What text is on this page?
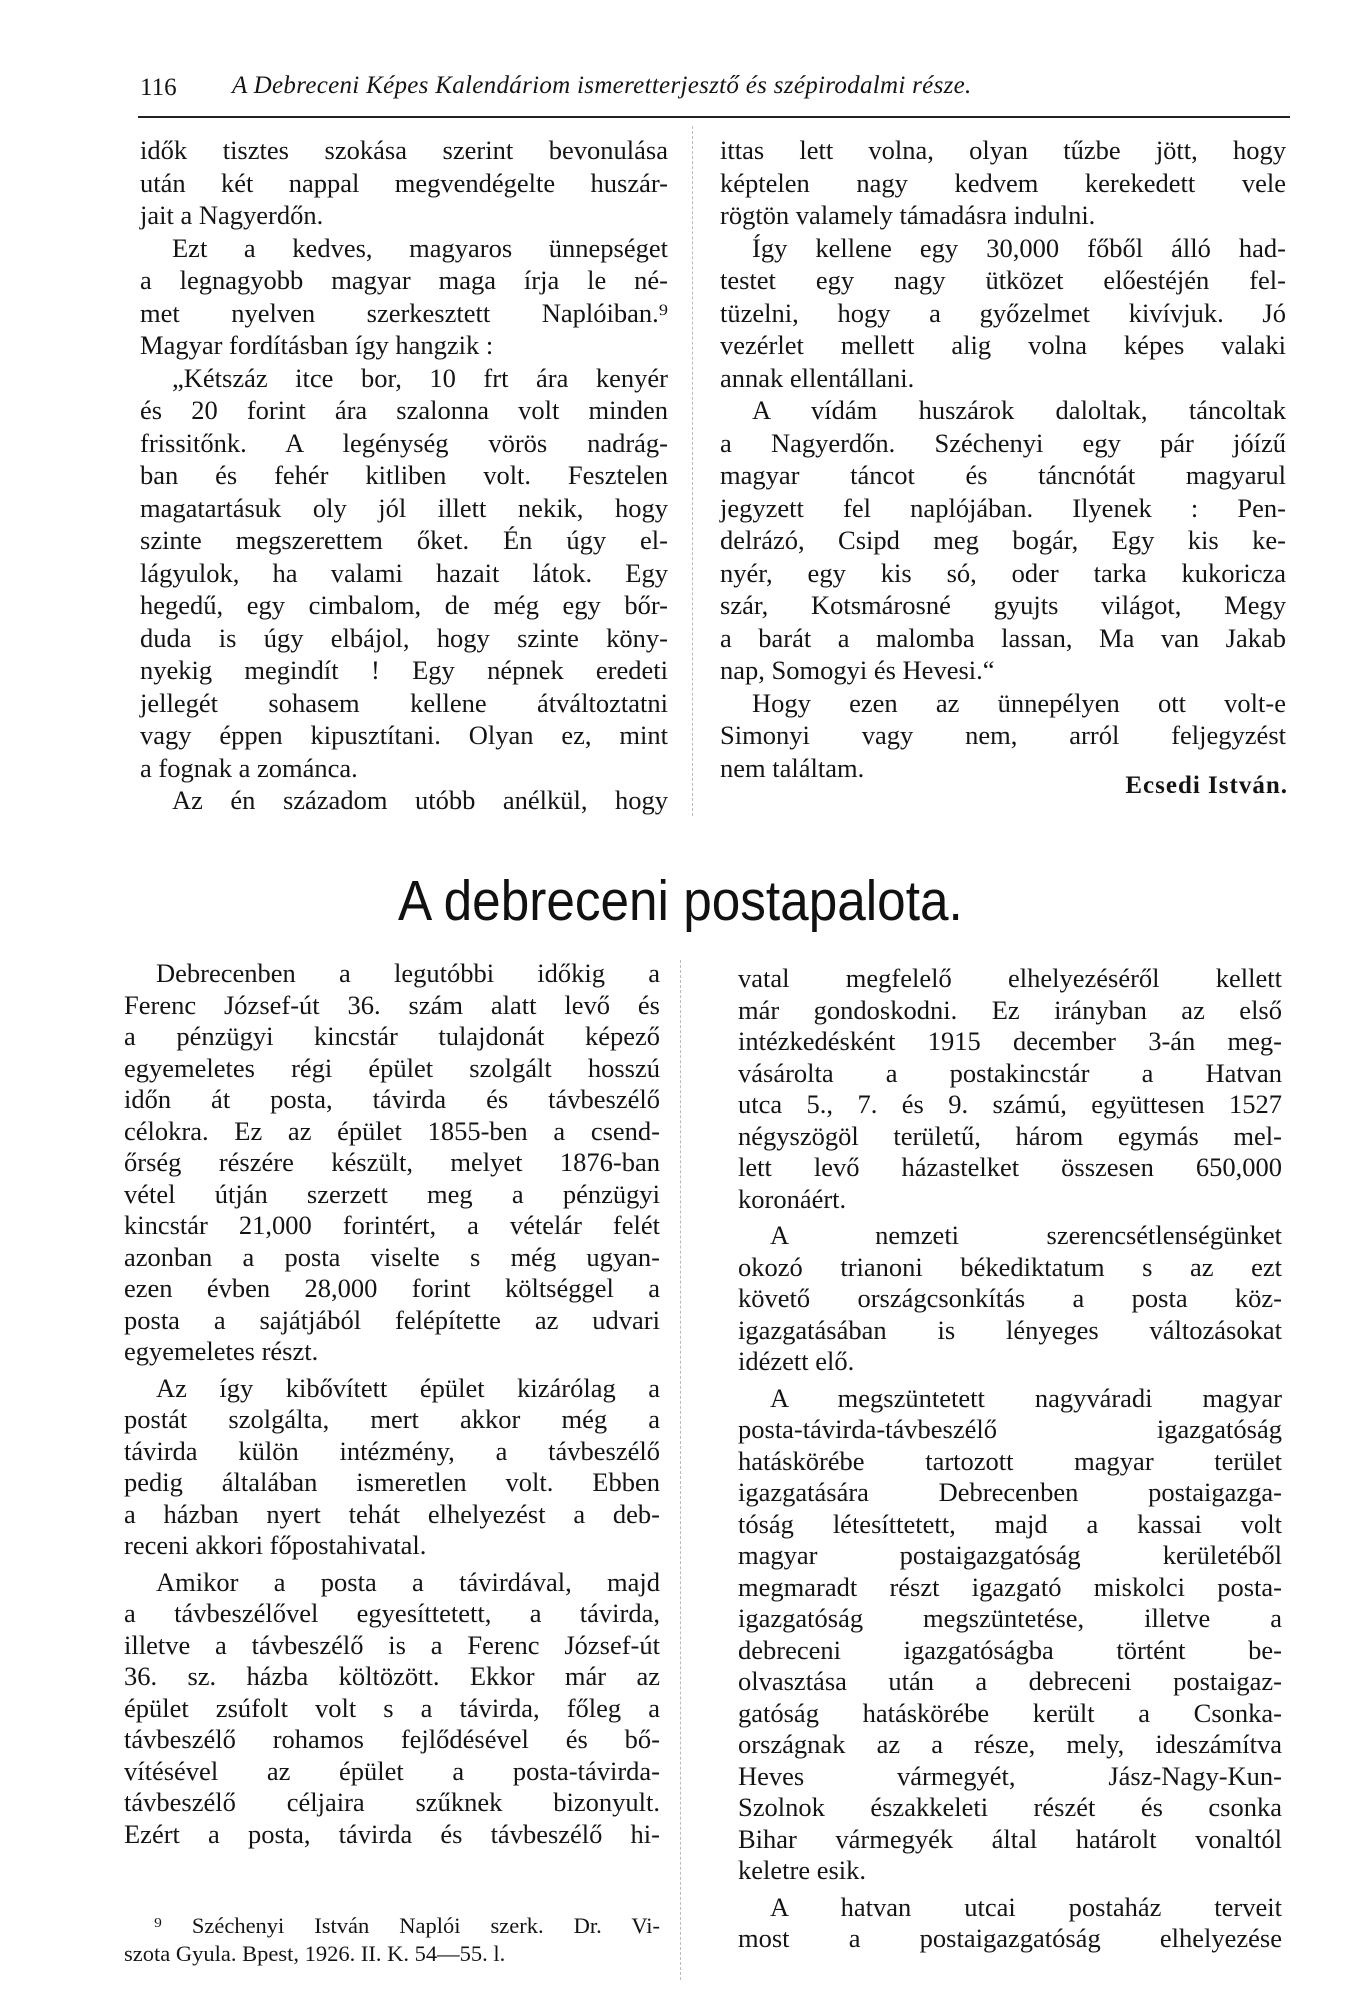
116 A Debreceni Képes Kalendáriom ismeretterjesztő és szépirodalmi része.
idők tisztes szokása szerint bevonulása
után két nappal megvendégelte huszár-
jait a Nagyerdőn.
Ezt a kedves, magyaros ünnepséget
a legnagyobb magyar maga írja le né-
met nyelven szerkesztett Naplóiban.⁹
Magyar fordításban így hangzik :
„Kétszáz itce bor, 10 frt ára kenyér
és 20 forint ára szalonna volt minden
frissitőnk. A legénység vörös nadrág-
ban és fehér kitliben volt. Fesztelen
magatartásuk oly jól illett nekik, hogy
szinte megszerettem őket. Én úgy el-
lágyulok, ha valami hazait látok. Egy
hegedű, egy cimbalom, de még egy bőr-
duda is úgy elbájol, hogy szinte köny-
nyekig megindít ! Egy népnek eredeti
jellegét sohasem kellene átváltoztatni
vagy éppen kipusztítani. Olyan ez, mint
a fognak a zománca.
Az én századom utóbb anélkül, hogy
ittas lett volna, olyan tűzbe jött, hogy
képtelen nagy kedvem kerekedett vele
rögtön valamely támadásra indulni.
Így kellene egy 30,000 főből álló had-
testet egy nagy ütközet előestéjén fel-
tüzelni, hogy a győzelmet kivívjuk. Jó
vezérlet mellett alig volna képes valaki
annak ellentállani.
A vídám huszárok daloltak, táncoltak
a Nagyerdőn. Széchenyi egy pár jóízű
magyar táncot és táncnótát magyarul
jegyzett fel naplójában. Ilyenek : Pen-
delrázó, Csipd meg bogár, Egy kis ke-
nyér, egy kis só, oder tarka kukoricza
szár, Kotsmárosné gyujts világot, Megy
a barát a malomba lassan, Ma van Jakab
nap, Somogyi és Hevesi.“
Hogy ezen az ünnepélyen ott volt-e
Simonyi vagy nem, arról feljegyzést
nem találtam.
Ecsedi István.
A debreceni postapalota.
Debrecenben a legutóbbi időkig a
Ferenc József-út 36. szám alatt levő és
a pénzügyi kincstár tulajdonát képező
egyemeletes régi épület szolgált hosszú
időn át posta, távirda és távbeszélő
célokra. Ez az épület 1855-ben a csend-
őrség részére készült, melyet 1876-ban
vétel útján szerzett meg a pénzügyi
kincstár 21,000 forintért, a vételár felét
azonban a posta viselte s még ugyan-
ezen évben 28,000 forint költséggel a
posta a sajátjából felépítette az udvari
egyemeletes részt.
Az így kibővített épület kizárólag a
postát szolgálta, mert akkor még a
távirda külön intézmény, a távbeszélő
pedig általában ismeretlen volt. Ebben
a házban nyert tehát elhelyezést a deb-
receni akkori főpostahivatal.
Amikor a posta a távirdával, majd
a távbeszélővel egyesíttetett, a távirda,
illetve a távbeszélő is a Ferenc József-út
36. sz. házba költözött. Ekkor már az
épület zsúfolt volt s a távirda, főleg a
távbeszélő rohamos fejlődésével és bő-
vítésével az épület a posta-távirda-
távbeszélő céljaira szűknek bizonyult.
Ezért a posta, távirda és távbeszélő hi-
vatal megfelelő elhelyezéséről kellett
már gondoskodni. Ez irányban az első
intézkedésként 1915 december 3-án meg-
vásárolta a postakincstár a Hatvan
utca 5., 7. és 9. számú, együttesen 1527
négyszögöl területű, három egymás mel-
lett levő házastelket összesen 650,000
koronáért.
A nemzeti szerencsétlenségünket
okozó trianoni békediktatum s az ezt
követő országcsonkítás a posta köz-
igazgatásában is lényeges változásokat
idézett elő.
A megszüntetett nagyváradi magyar
posta-távirda-távbeszélő igazgatóság
hatáskörébe tartozott magyar terület
igazgatására Debrecenben postaigazga-
tóság létesíttetett, majd a kassai volt
magyar postaigazgatóság kerületéből
megmaradt részt igazgató miskolci posta-
igazgatóság megszüntetése, illetve a
debreceni igazgatóságba történt be-
olvasztása után a debreceni postaigaz-
gatóság hatáskörébe került a Csonka-
országnak az a része, mely, ideszámítva
Heves vármegyét, Jász-Nagy-Kun-
Szolnok északkeleti részét és csonka
Bihar vármegyék által határolt vonaltól
keletre esik.
A hatvan utcai postaház terveit
most a postaigazgatóság elhelyezése
⁹ Széchenyi István Naplói szerk. Dr. Vi-
szota Gyula. Bpest, 1926. II. K. 54—55. l.
